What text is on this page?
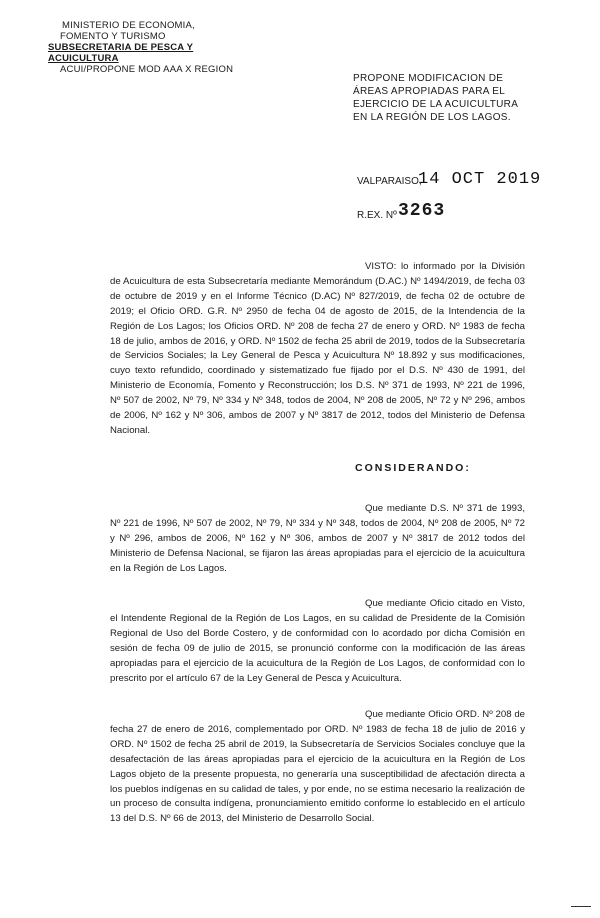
MINISTERIO DE ECONOMIA,
FOMENTO Y TURISMO
SUBSECRETARIA DE PESCA Y ACUICULTURA
ACUI/PROPONE MOD AAA X REGION
PROPONE MODIFICACION DE ÁREAS APROPIADAS PARA EL EJERCICIO DE LA ACUICULTURA EN LA REGIÓN DE LOS LAGOS.
VALPARAISO,
14 OCT 2019
R.EX. Nº 3263

VISTO: lo informado por la División de Acuicultura de esta Subsecretaría mediante Memorándum (D.AC.) Nº 1494/2019, de fecha 03 de octubre de 2019 y en el Informe Técnico (D.AC) Nº 827/2019, de fecha 02 de octubre de 2019; el Oficio ORD. G.R. Nº 2950 de fecha 04 de agosto de 2015, de la Intendencia de la Región de Los Lagos; los Oficios ORD. Nº 208 de fecha 27 de enero y ORD. Nº 1983 de fecha 18 de julio, ambos de 2016, y ORD. Nº 1502 de fecha 25 abril de 2019, todos de la Subsecretaría de Servicios Sociales; la Ley General de Pesca y Acuicultura Nº 18.892 y sus modificaciones, cuyo texto refundido, coordinado y sistematizado fue fijado por el D.S. Nº 430 de 1991, del Ministerio de Economía, Fomento y Reconstrucción; los D.S. Nº 371 de 1993, Nº 221 de 1996, Nº 507 de 2002, Nº 79, Nº 334 y Nº 348, todos de 2004, Nº 208 de 2005, Nº 72 y Nº 296, ambos de 2006, Nº 162 y Nº 306, ambos de 2007 y Nº 3817 de 2012, todos del Ministerio de Defensa Nacional.

CONSIDERANDO:

Que mediante D.S. Nº 371 de 1993, Nº 221 de 1996, Nº 507 de 2002, Nº 79, Nº 334 y Nº 348, todos de 2004, Nº 208 de 2005, Nº 72 y Nº 296, ambos de 2006, Nº 162 y Nº 306, ambos de 2007 y Nº 3817 de 2012 todos del Ministerio de Defensa Nacional, se fijaron las áreas apropiadas para el ejercicio de la acuicultura en la Región de Los Lagos.

Que mediante Oficio citado en Visto, el Intendente Regional de la Región de Los Lagos, en su calidad de Presidente de la Comisión Regional de Uso del Borde Costero, y de conformidad con lo acordado por dicha Comisión en sesión de fecha 09 de julio de 2015, se pronunció conforme con la modificación de las áreas apropiadas para el ejercicio de la acuicultura de la Región de Los Lagos, de conformidad con lo prescrito por el artículo 67 de la Ley General de Pesca y Acuicultura.

Que mediante Oficio ORD. Nº 208 de fecha 27 de enero de 2016, complementado por ORD. Nº 1983 de fecha 18 de julio de 2016 y ORD. Nº 1502 de fecha 25 abril de 2019, la Subsecretaría de Servicios Sociales concluye que la desafectación de las áreas apropiadas para el ejercicio de la acuicultura en la Región de Los Lagos objeto de la presente propuesta, no generaría una susceptibilidad de afectación directa a los pueblos indígenas en su calidad de tales, y por ende, no se estima necesario la realización de un proceso de consulta indígena, pronunciamiento emitido conforme lo establecido en el artículo 13 del D.S. Nº 66 de 2013, del Ministerio de Desarrollo Social.
